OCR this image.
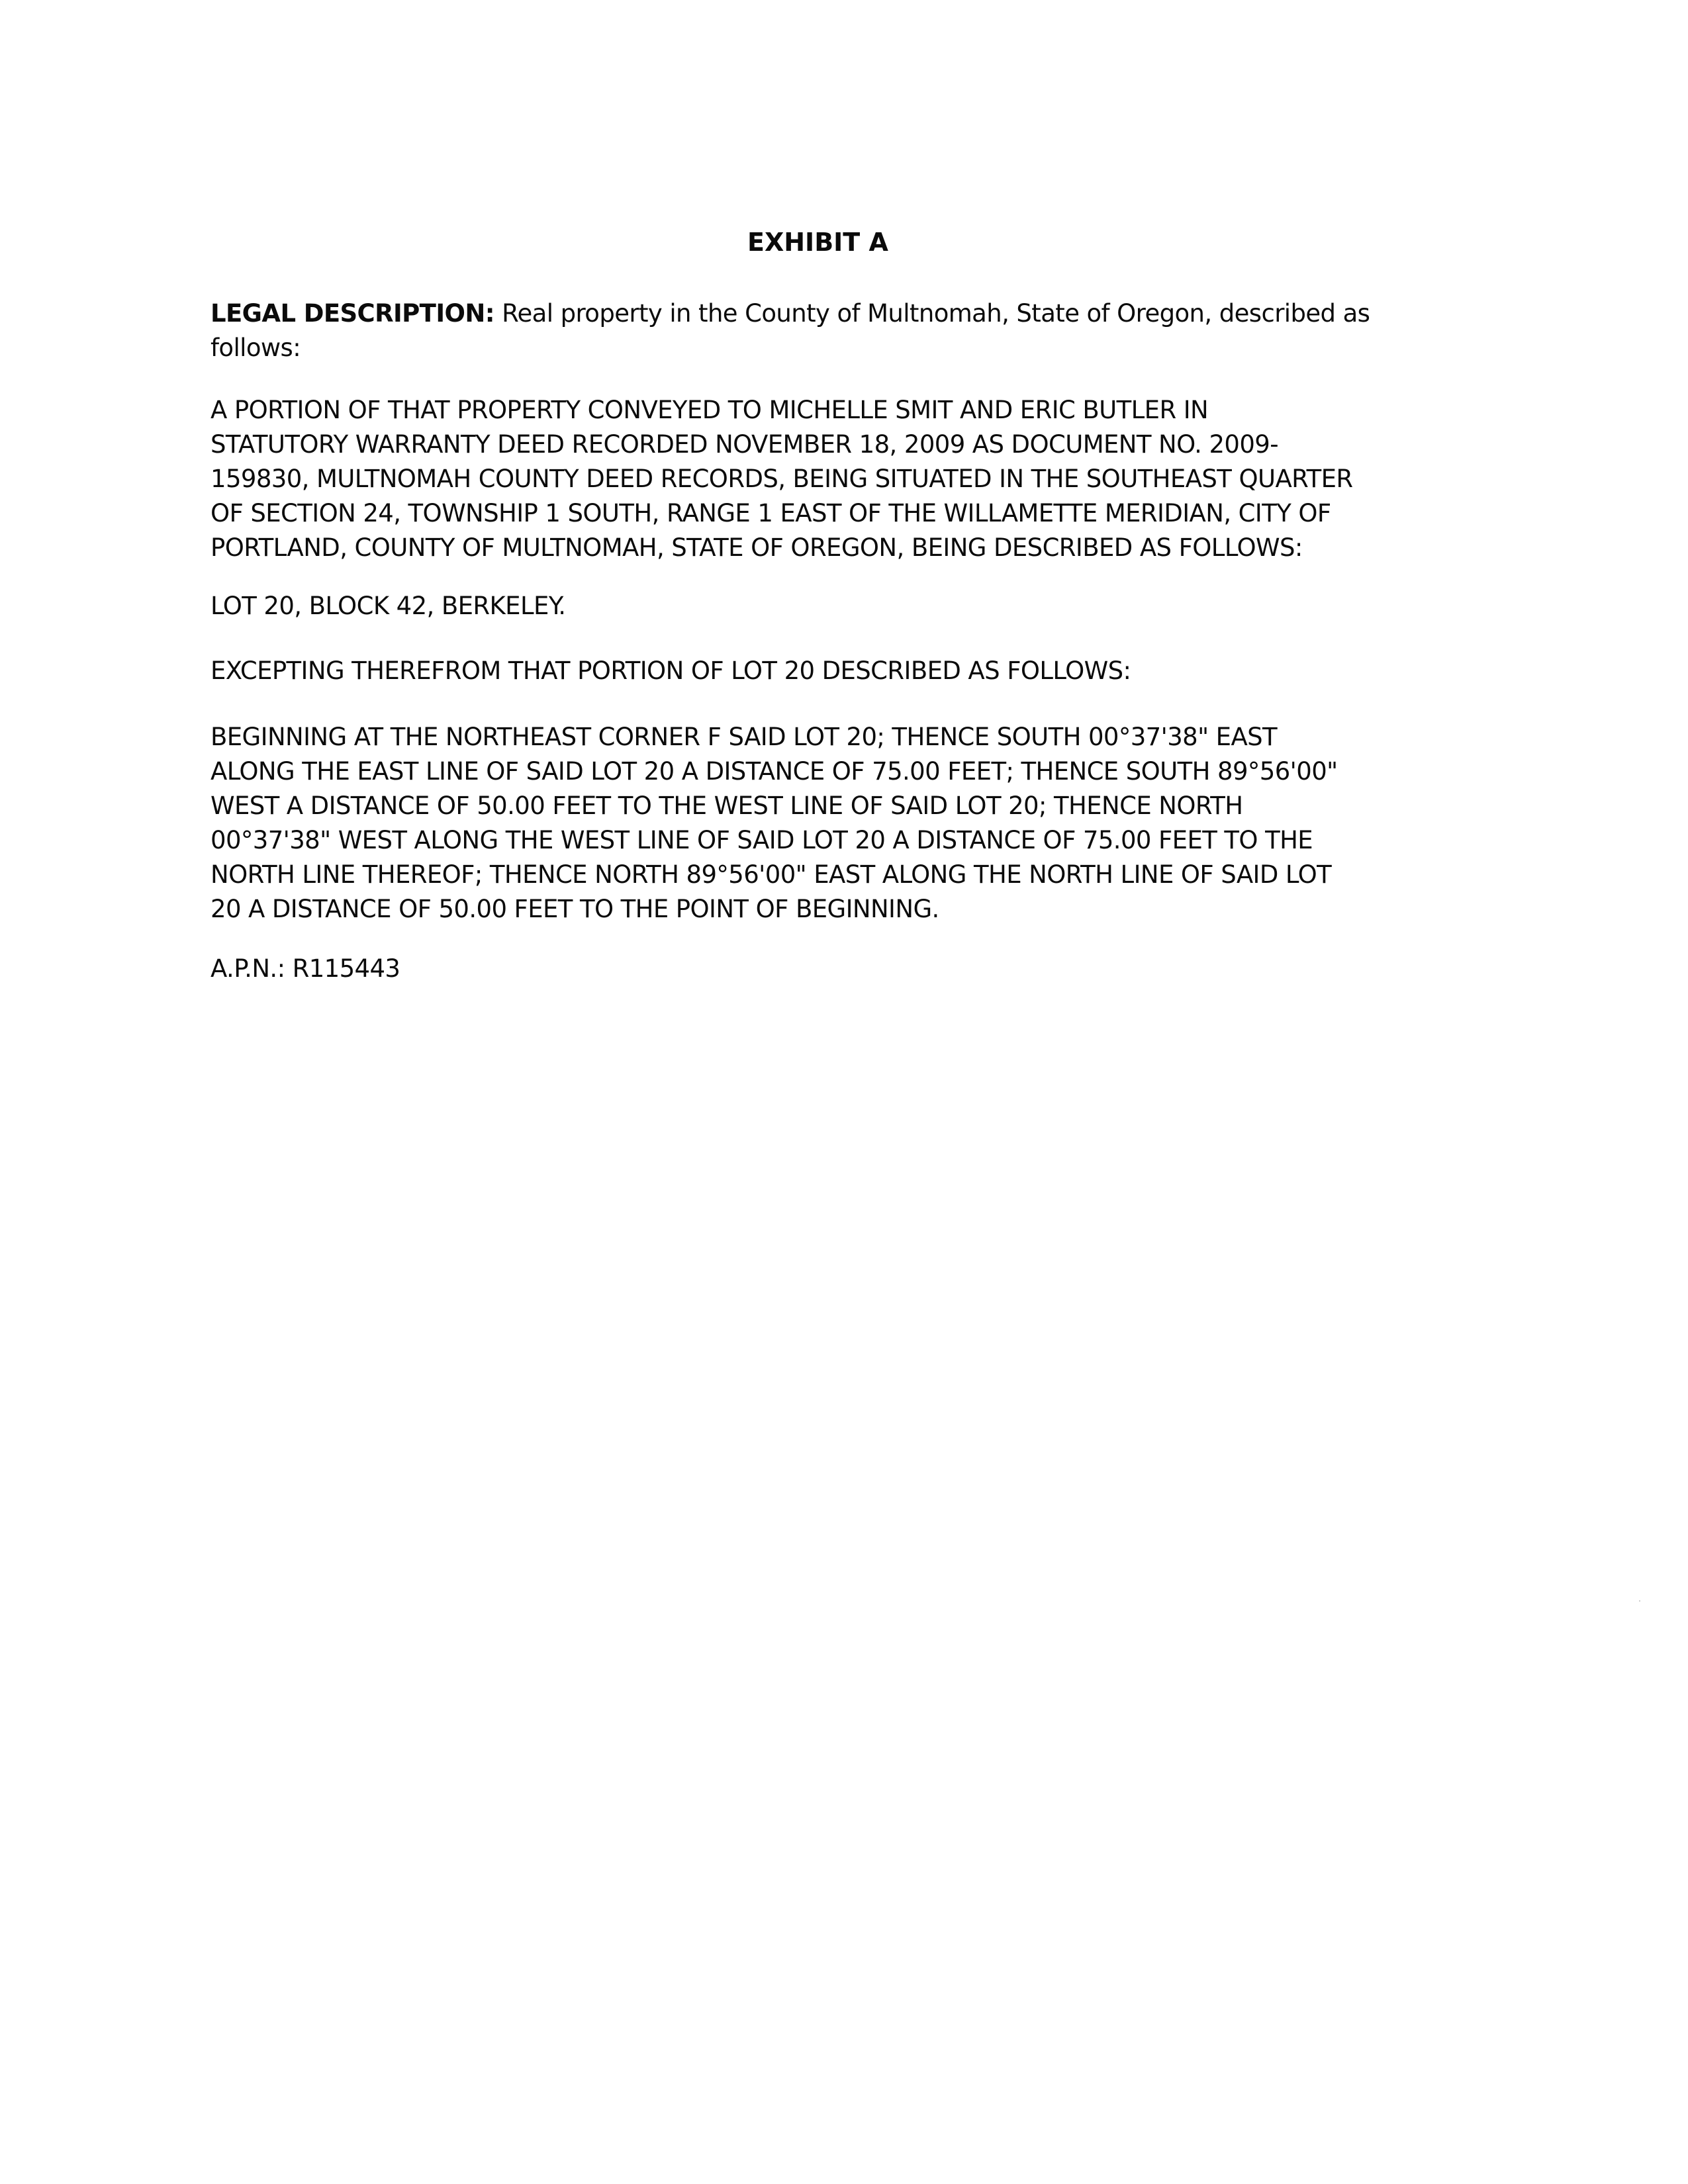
EXHIBIT A
LEGAL DESCRIPTION: Real property in the County of Multnomah, State of Oregon, described as
follows:
A PORTION OF THAT PROPERTY CONVEYED TO MICHELLE SMIT AND ERIC BUTLER IN
STATUTORY WARRANTY DEED RECORDED NOVEMBER 18, 2009 AS DOCUMENT NO. 2009-
159830, MULTNOMAH COUNTY DEED RECORDS, BEING SITUATED IN THE SOUTHEAST QUARTER
OF SECTION 24, TOWNSHIP 1 SOUTH, RANGE 1 EAST OF THE WILLAMETTE MERIDIAN, CITY OF
PORTLAND, COUNTY OF MULTNOMAH, STATE OF OREGON, BEING DESCRIBED AS FOLLOWS:
LOT 20, BLOCK 42, BERKELEY.
EXCEPTING THEREFROM THAT PORTION OF LOT 20 DESCRIBED AS FOLLOWS:
BEGINNING AT THE NORTHEAST CORNER F SAID LOT 20; THENCE SOUTH 00°37'38" EAST
ALONG THE EAST LINE OF SAID LOT 20 A DISTANCE OF 75.00 FEET; THENCE SOUTH 89°56'00"
WEST A DISTANCE OF 50.00 FEET TO THE WEST LINE OF SAID LOT 20; THENCE NORTH
00°37'38" WEST ALONG THE WEST LINE OF SAID LOT 20 A DISTANCE OF 75.00 FEET TO THE
NORTH LINE THEREOF; THENCE NORTH 89°56'00" EAST ALONG THE NORTH LINE OF SAID LOT
20 A DISTANCE OF 50.00 FEET TO THE POINT OF BEGINNING.
A.P.N.: R115443
